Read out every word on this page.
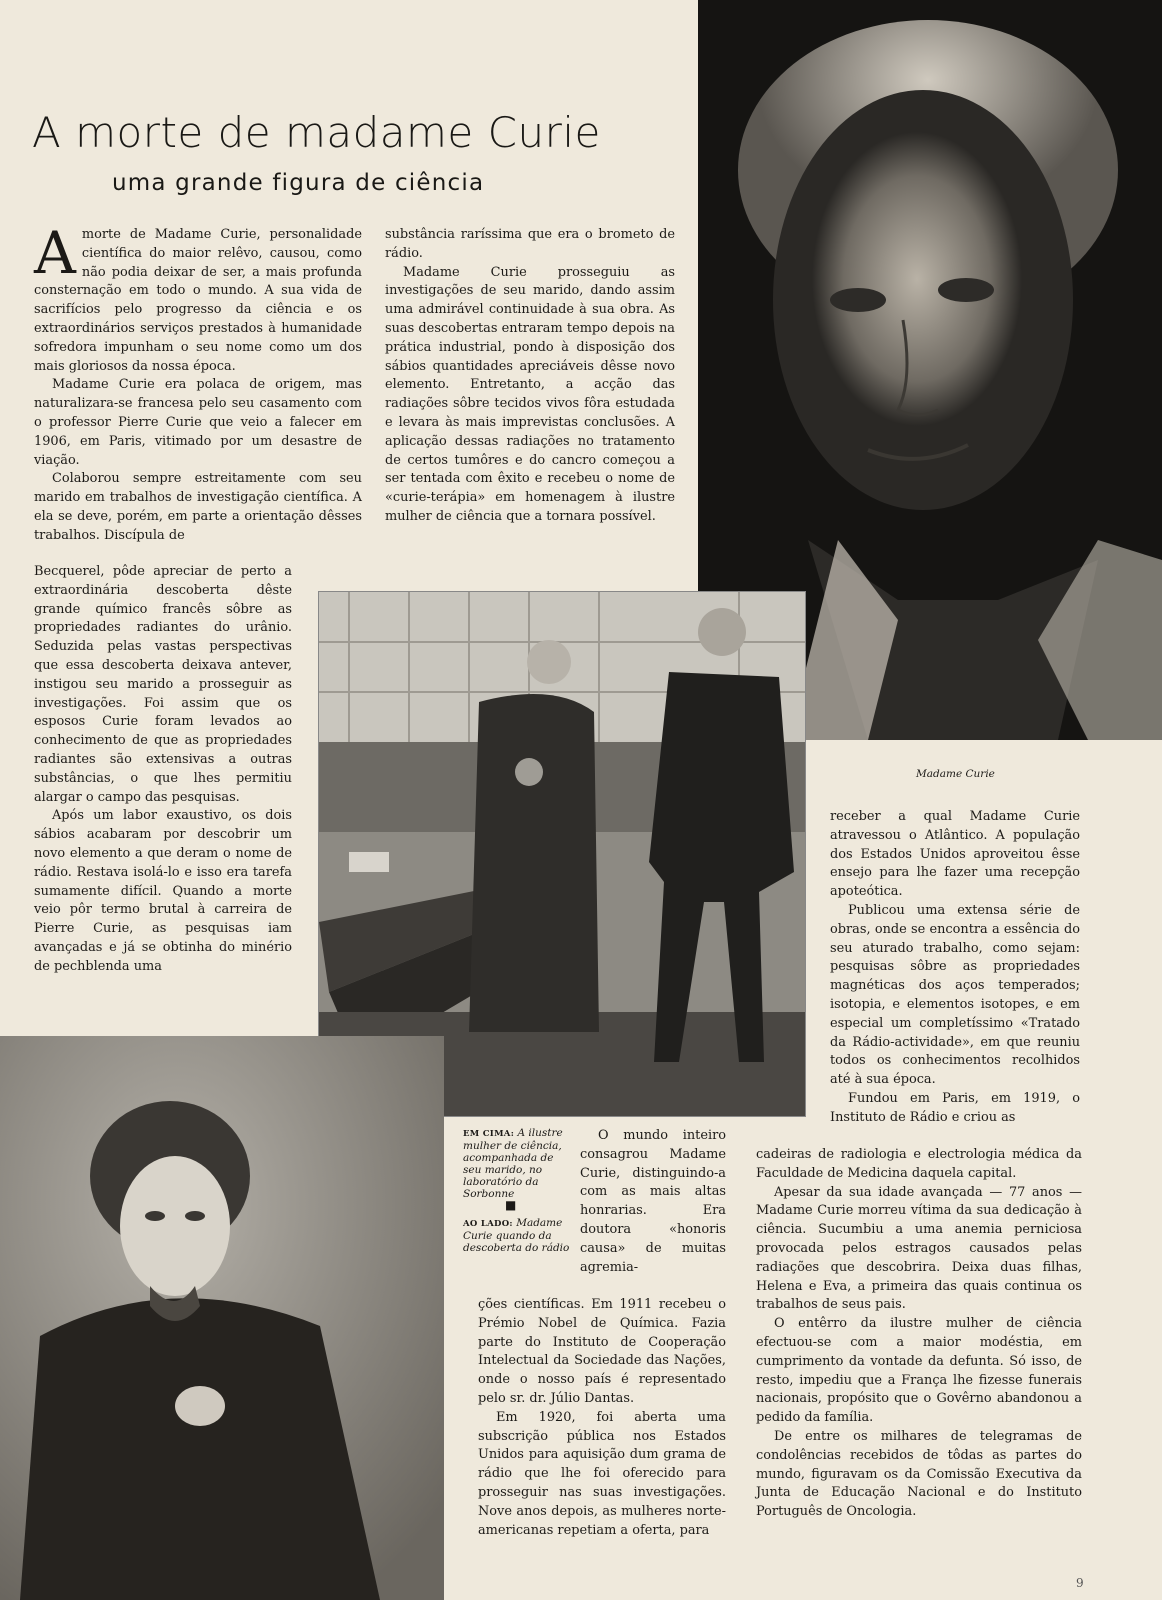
A morte de madame Curie
uma grande figura de ciência

Amorte de Madame Curie, personalidade científica do maior relêvo, causou, como não podia deixar de ser, a mais profunda consternação em todo o mundo. A sua vida de sacrifícios pelo progresso da ciência e os extraordinários serviços prestados à humanidade sofredora impunham o seu nome como um dos mais gloriosos da nossa época.

Madame Curie era polaca de origem, mas naturalizara-se francesa pelo seu casamento com o professor Pierre Curie que veio a falecer em 1906, em Paris, vitimado por um desastre de viação.

Colaborou sempre estreitamente com seu marido em trabalhos de investigação científica. A ela se deve, porém, em parte a orientação dêsses trabalhos. Discípula de

Becquerel, pôde apreciar de perto a extraordinária descoberta dêste grande químico francês sôbre as propriedades radiantes do urânio. Seduzida pelas vastas perspectivas que essa descoberta deixava antever, instigou seu marido a prosseguir as investigações. Foi assim que os esposos Curie foram levados ao conhecimento de que as propriedades radiantes são extensivas a outras substâncias, o que lhes permitiu alargar o campo das pesquisas.

Após um labor exaustivo, os dois sábios acabaram por descobrir um novo elemento a que deram o nome de rádio. Restava isolá-lo e isso era tarefa sumamente difícil. Quando a morte veio pôr termo brutal à carreira de Pierre Curie, as pesquisas iam avançadas e já se obtinha do minério de pechblenda uma

substância raríssima que era o brometo de rádio.

Madame Curie prosseguiu as investigações de seu marido, dando assim uma admirável continuidade à sua obra. As suas descobertas entraram tempo depois na prática industrial, pondo à disposição dos sábios quantidades apreciáveis dêsse novo elemento. Entretanto, a acção das radiações sôbre tecidos vivos fôra estudada e levara às mais imprevistas conclusões. A aplicação dessas radiações no tratamento de certos tumôres e do cancro começou a ser tentada com êxito e recebeu o nome de «curie-terápia» em homenagem à ilustre mulher de ciência que a tornara possível.

Madame Curie
EM CIMA: A ilustre mulher de ciência, acompanhada de seu marido, no laboratório da Sorbonne
■
AO LADO: Madame Curie quando da descoberta do rádio

O mundo inteiro consagrou Madame Curie, distinguindo-a com as mais altas honrarias. Era doutora «honoris causa» de muitas agremia-

ções científicas. Em 1911 recebeu o Prémio Nobel de Química. Fazia parte do Instituto de Cooperação Intelectual da Sociedade das Nações, onde o nosso país é representado pelo sr. dr. Júlio Dantas.

Em 1920, foi aberta uma subscrição pública nos Estados Unidos para aquisição dum grama de rádio que lhe foi oferecido para prosseguir nas suas investigações. Nove anos depois, as mulheres norte-americanas repetiam a oferta, para

receber a qual Madame Curie atravessou o Atlântico. A população dos Estados Unidos aproveitou êsse ensejo para lhe fazer uma recepção apoteótica.

Publicou uma extensa série de obras, onde se encontra a essência do seu aturado trabalho, como sejam: pesquisas sôbre as propriedades magnéticas dos aços temperados; isotopia, e elementos isotopes, e em especial um completíssimo «Tratado da Rádio-actividade», em que reuniu todos os conhecimentos recolhidos até à sua época.

Fundou em Paris, em 1919, o Instituto de Rádio e criou as

cadeiras de radiologia e electrologia médica da Faculdade de Medicina daquela capital.

Apesar da sua idade avançada — 77 anos — Madame Curie morreu vítima da sua dedicação à ciência. Sucumbiu a uma anemia perniciosa provocada pelos estragos causados pelas radiações que descobrira. Deixa duas filhas, Helena e Eva, a primeira das quais continua os trabalhos de seus pais.

O entêrro da ilustre mulher de ciência efectuou-se com a maior modéstia, em cumprimento da vontade da defunta. Só isso, de resto, impediu que a França lhe fizesse funerais nacionais, propósito que o Govêrno abandonou a pedido da família.

De entre os milhares de telegramas de condolências recebidos de tôdas as partes do mundo, figuravam os da Comissão Executiva da Junta de Educação Nacional e do Instituto Português de Oncologia.

9
